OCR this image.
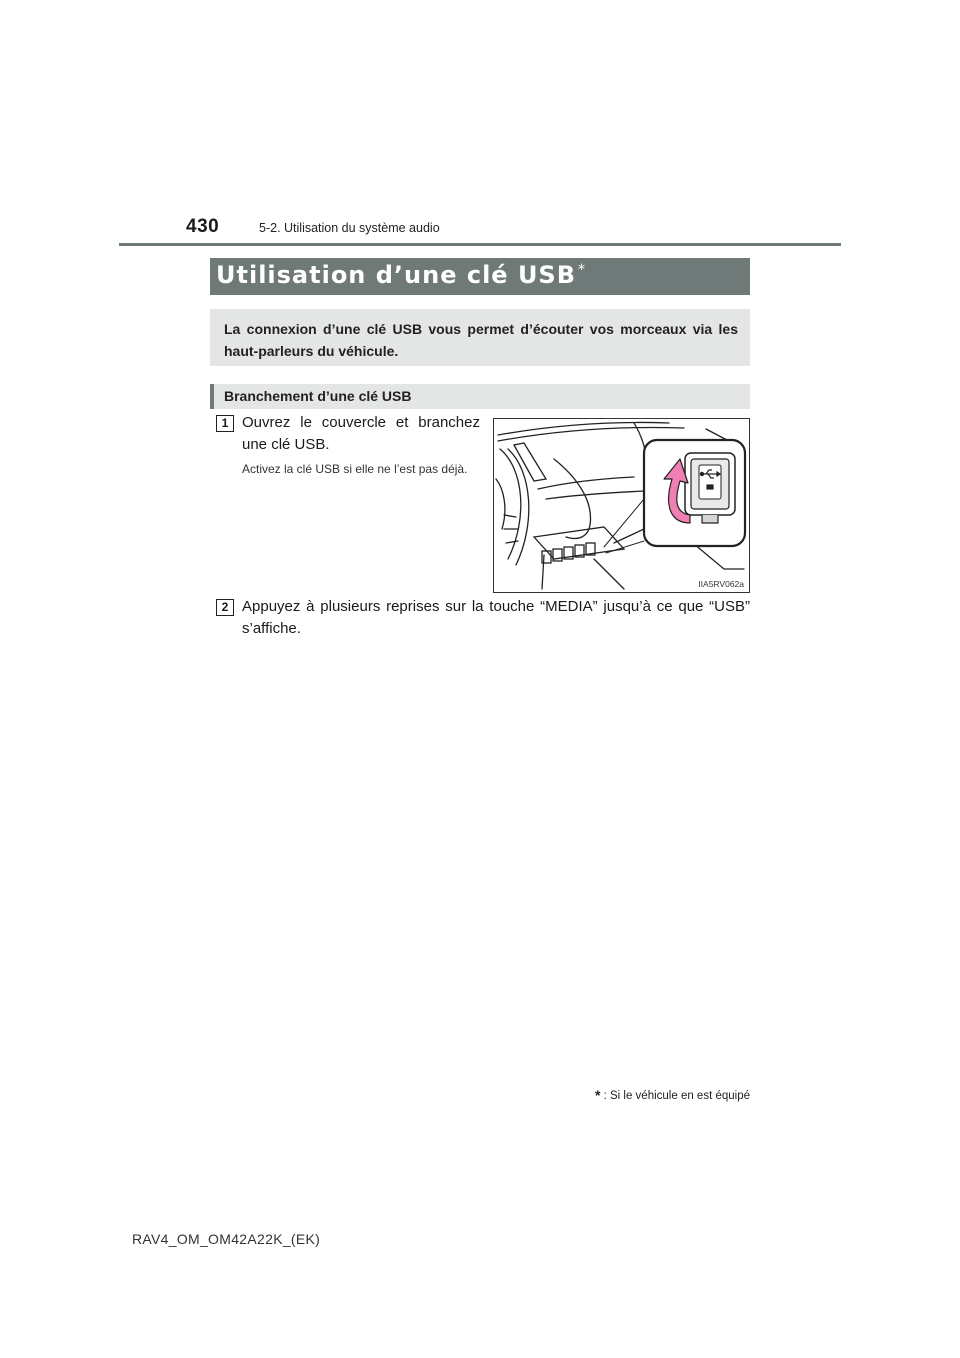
430	5-2. Utilisation du système audio
Utilisation d’une clé USB *

La connexion d’une clé USB vous permet d’écouter vos morceaux via les haut-parleurs du véhicule.

Branchement d’une clé USB
1 Ouvrez le couvercle et branchez une clé USB.

Activez la clé USB si elle ne l’est pas déjà.

IIA5RV062a
2 Appuyez à plusieurs reprises sur la touche “MEDIA” jusqu’à ce que “USB” s’affiche.

* : Si le véhicule en est équipé
RAV4_OM_OM42A22K_(EK)
